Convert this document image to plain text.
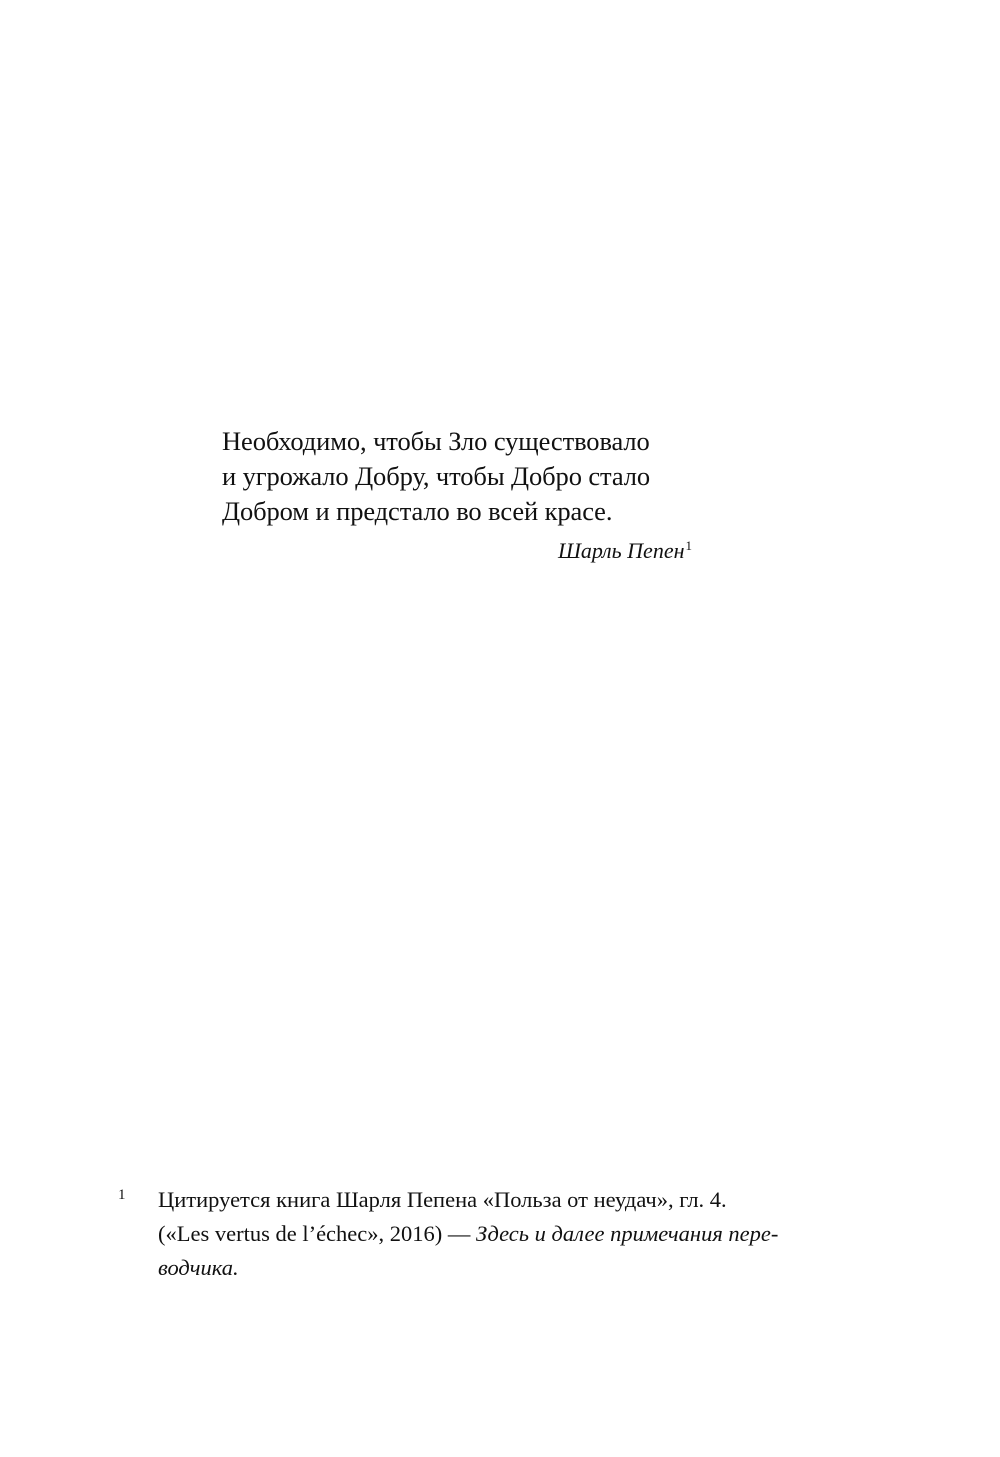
Необходимо, чтобы Зло существовало
и угрожало Добру, чтобы Добро стало
Добром и предстало во всей красе.
Шарль Пепен$^1$
1 Цитируется книга Шарля Пепена «Польза от неудач», гл. 4.
(«Les vertus de l’échec», 2016) — Здесь и далее примечания пере-
водчика.
